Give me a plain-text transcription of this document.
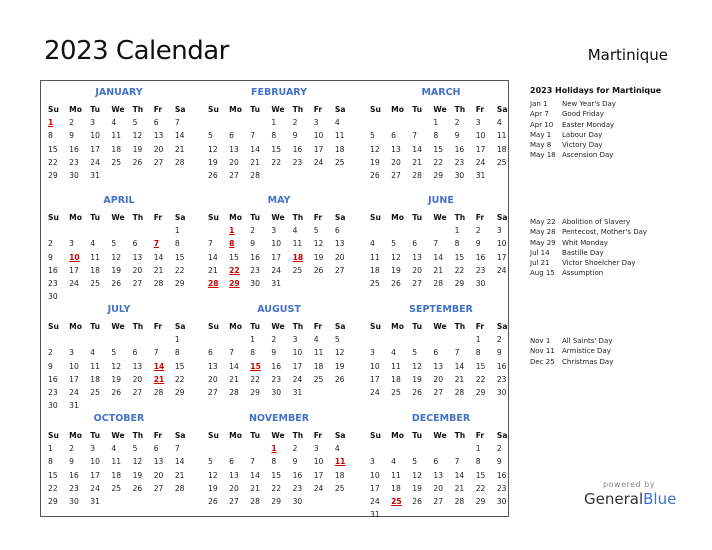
2023 Calendar	Martinique
JANUARY
Su	Mo	Tu	We	Th	Fr	Sa
1	2	3	4	5	6	7
8	9	10	11	12	13	14
15	16	17	18	19	20	21
22	23	24	25	26	27	28
29	30	31				
FEBRUARY
Su	Mo	Tu	We	Th	Fr	Sa
			1	2	3	4
5	6	7	8	9	10	11
12	13	14	15	16	17	18
19	20	21	22	23	24	25
26	27	28				
MARCH
Su	Mo	Tu	We	Th	Fr	Sa
			1	2	3	4
5	6	7	8	9	10	11
12	13	14	15	16	17	18
19	20	21	22	23	24	25
26	27	28	29	30	31	
APRIL
Su	Mo	Tu	We	Th	Fr	Sa
						1
2	3	4	5	6	7	8
9	10	11	12	13	14	15
16	17	18	19	20	21	22
23	24	25	26	27	28	29
30						
MAY
Su	Mo	Tu	We	Th	Fr	Sa
	1	2	3	4	5	6
7	8	9	10	11	12	13
14	15	16	17	18	19	20
21	22	23	24	25	26	27
28	29	30	31			
JUNE
Su	Mo	Tu	We	Th	Fr	Sa
				1	2	3
4	5	6	7	8	9	10
11	12	13	14	15	16	17
18	19	20	21	22	23	24
25	26	27	28	29	30	
JULY
Su	Mo	Tu	We	Th	Fr	Sa
						1
2	3	4	5	6	7	8
9	10	11	12	13	14	15
16	17	18	19	20	21	22
23	24	25	26	27	28	29
30	31					
AUGUST
Su	Mo	Tu	We	Th	Fr	Sa
		1	2	3	4	5
6	7	8	9	10	11	12
13	14	15	16	17	18	19
20	21	22	23	24	25	26
27	28	29	30	31		
SEPTEMBER
Su	Mo	Tu	We	Th	Fr	Sa
					1	2
3	4	5	6	7	8	9
10	11	12	13	14	15	16
17	18	19	20	21	22	23
24	25	26	27	28	29	30
OCTOBER
Su	Mo	Tu	We	Th	Fr	Sa
1	2	3	4	5	6	7
8	9	10	11	12	13	14
15	16	17	18	19	20	21
22	23	24	25	26	27	28
29	30	31				
NOVEMBER
Su	Mo	Tu	We	Th	Fr	Sa
			1	2	3	4
5	6	7	8	9	10	11
12	13	14	15	16	17	18
19	20	21	22	23	24	25
26	27	28	29	30		
DECEMBER
Su	Mo	Tu	We	Th	Fr	Sa
					1	2
3	4	5	6	7	8	9
10	11	12	13	14	15	16
17	18	19	20	21	22	23
24	25	26	27	28	29	30
31						
2023 Holidays for Martinique
Jan 1	New Year's Day
Apr 7	Good Friday
Apr 10	Easter Monday
May 1	Labour Day
May 8	Victory Day
May 18 Ascension Day
May 22 Abolition of Slavery
May 28 Pentecost, Mother's Day
May 29 Whit Monday
Jul 14	Bastille Day
Jul 21	Victor Shoelcher Day
Aug 15	Assumption
Nov 1	All Saints' Day
Nov 11	Armistice Day
Dec 25	Christmas Day
powered by
GeneralBlue
